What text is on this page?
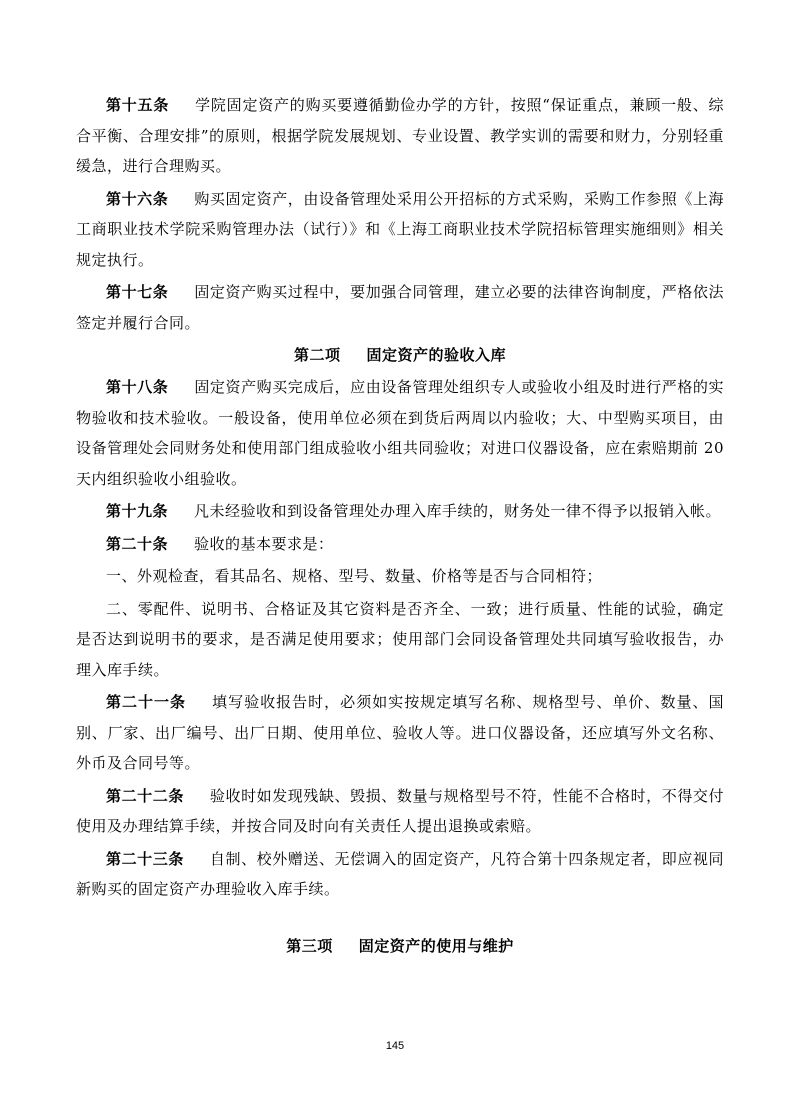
第十五条 学院固定资产的购买要遵循勤俭办学的方针，按照“保证重点，兼顾一般、综合平衡、合理安排”的原则，根据学院发展规划、专业设置、教学实训的需要和财力，分别轻重缓急，进行合理购买。

第十六条 购买固定资产，由设备管理处采用公开招标的方式采购，采购工作参照《上海工商职业技术学院采购管理办法（试行）》和《上海工商职业技术学院招标管理实施细则》相关规定执行。

第十七条 固定资产购买过程中，要加强合同管理，建立必要的法律咨询制度，严格依法签定并履行合同。

第二项 固定资产的验收入库

第十八条 固定资产购买完成后，应由设备管理处组织专人或验收小组及时进行严格的实物验收和技术验收。一般设备，使用单位必须在到货后两周以内验收；大、中型购买项目，由设备管理处会同财务处和使用部门组成验收小组共同验收；对进口仪器设备，应在索赔期前 20 天内组织验收小组验收。

第十九条 凡未经验收和到设备管理处办理入库手续的，财务处一律不得予以报销入帐。

第二十条 验收的基本要求是：

一、外观检查，看其品名、规格、型号、数量、价格等是否与合同相符；

二、零配件、说明书、合格证及其它资料是否齐全、一致；进行质量、性能的试验，确定是否达到说明书的要求，是否满足使用要求；使用部门会同设备管理处共同填写验收报告，办理入库手续。

第二十一条 填写验收报告时，必须如实按规定填写名称、规格型号、单价、数量、国别、厂家、出厂编号、出厂日期、使用单位、验收人等。进口仪器设备，还应填写外文名称、外币及合同号等。

第二十二条 验收时如发现残缺、毁损、数量与规格型号不符，性能不合格时，不得交付使用及办理结算手续，并按合同及时向有关责任人提出退换或索赔。

第二十三条 自制、校外赠送、无偿调入的固定资产，凡符合第十四条规定者，即应视同新购买的固定资产办理验收入库手续。

第三项 固定资产的使用与维护
145
